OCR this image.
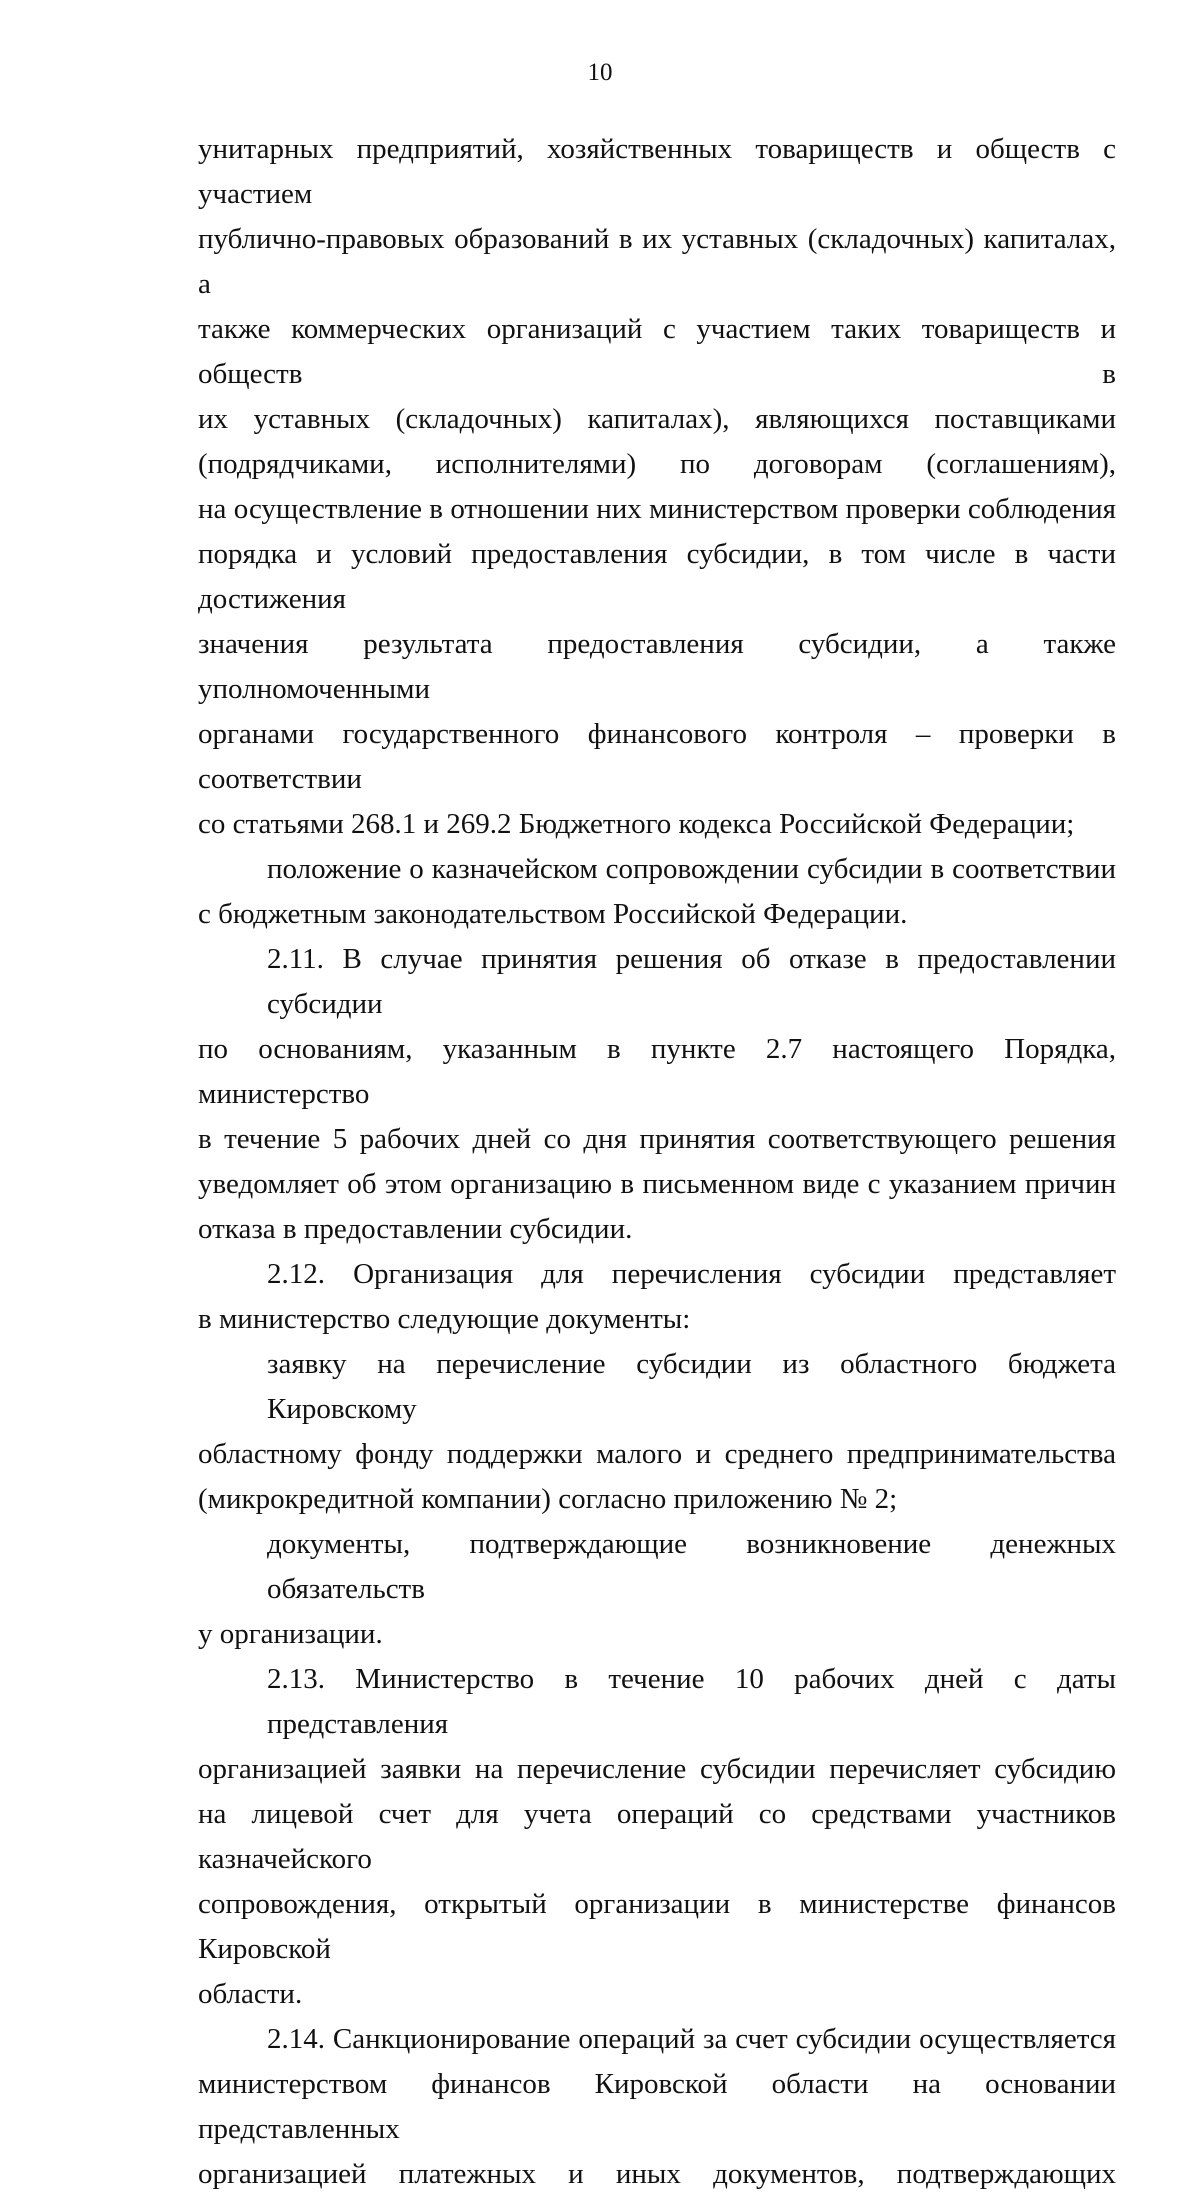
10
унитарных предприятий, хозяйственных товариществ и обществ с участием
публично-правовых образований в их уставных (складочных) капиталах, а
также коммерческих организаций с участием таких товариществ и обществ в
их уставных (складочных) капиталах), являющихся поставщиками
(подрядчиками, исполнителями) по договорам (соглашениям),
на осуществление в отношении них министерством проверки соблюдения
порядка и условий предоставления субсидии, в том числе в части достижения
значения результата предоставления субсидии, а также уполномоченными
органами государственного финансового контроля – проверки в соответствии
со статьями 268.1 и 269.2 Бюджетного кодекса Российской Федерации;
положение о казначейском сопровождении субсидии в соответствии
с бюджетным законодательством Российской Федерации.
2.11. В случае принятия решения об отказе в предоставлении субсидии
по основаниям, указанным в пункте 2.7 настоящего Порядка, министерство
в течение 5 рабочих дней со дня принятия соответствующего решения
уведомляет об этом организацию в письменном виде с указанием причин
отказа в предоставлении субсидии.
2.12. Организация для перечисления субсидии представляет
в министерство следующие документы:
заявку на перечисление субсидии из областного бюджета Кировскому
областному фонду поддержки малого и среднего предпринимательства
(микрокредитной компании) согласно приложению № 2;
документы, подтверждающие возникновение денежных обязательств
у организации.
2.13. Министерство в течение 10 рабочих дней с даты представления
организацией заявки на перечисление субсидии перечисляет субсидию
на лицевой счет для учета операций со средствами участников казначейского
сопровождения, открытый организации в министерстве финансов Кировской
области.
2.14. Санкционирование операций за счет субсидии осуществляется
министерством финансов Кировской области на основании представленных
организацией платежных и иных документов, подтверждающих
